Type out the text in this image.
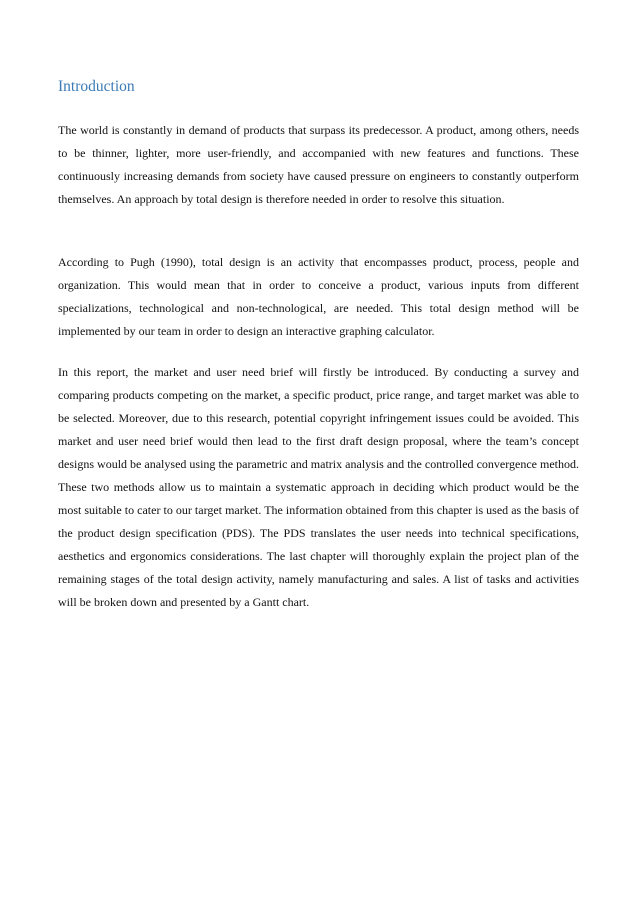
Introduction

The world is constantly in demand of products that surpass its predecessor. A product, among others, needs to be thinner, lighter, more user-friendly, and accompanied with new features and functions. These continuously increasing demands from society have caused pressure on engineers to constantly outperform themselves. An approach by total design is therefore needed in order to resolve this situation.

According to Pugh (1990), total design is an activity that encompasses product, process, people and organization. This would mean that in order to conceive a product, various inputs from different specializations, technological and non-technological, are needed. This total design method will be implemented by our team in order to design an interactive graphing calculator.

In this report, the market and user need brief will firstly be introduced. By conducting a survey and comparing products competing on the market, a specific product, price range, and target market was able to be selected. Moreover, due to this research, potential copyright infringement issues could be avoided. This market and user need brief would then lead to the first draft design proposal, where the team’s concept designs would be analysed using the parametric and matrix analysis and the controlled convergence method. These two methods allow us to maintain a systematic approach in deciding which product would be the most suitable to cater to our target market. The information obtained from this chapter is used as the basis of the product design specification (PDS). The PDS translates the user needs into technical specifications, aesthetics and ergonomics considerations. The last chapter will thoroughly explain the project plan of the remaining stages of the total design activity, namely manufacturing and sales. A list of tasks and activities will be broken down and presented by a Gantt chart.
